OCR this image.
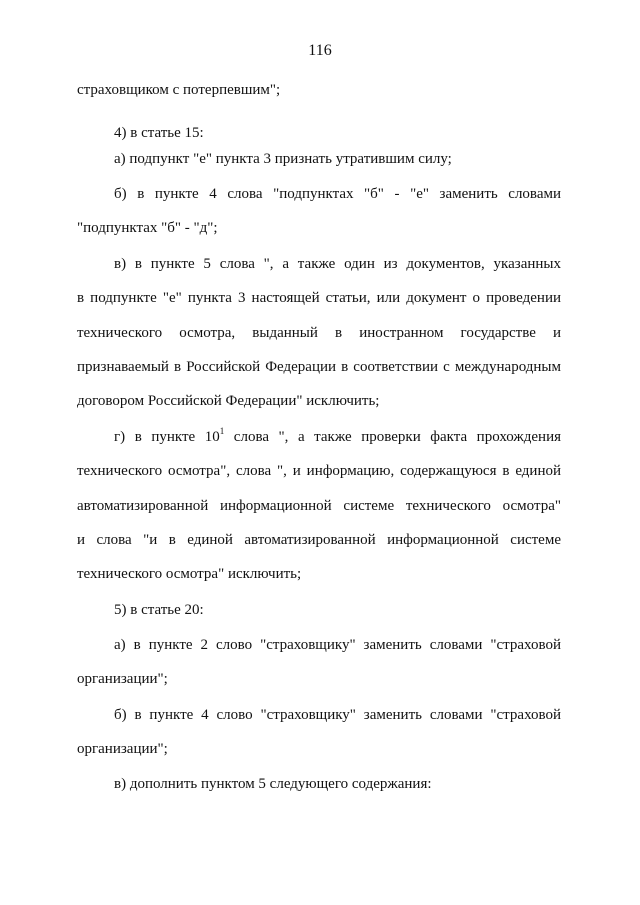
116
страховщиком с потерпевшим";
4) в статье 15:
а) подпункт "е" пункта 3 признать утратившим силу;
б) в пункте 4 слова "подпунктах "б" - "е" заменить словами
"подпунктах "б" - "д";
в) в пункте 5 слова ", а также один из документов, указанных
в подпункте "е" пункта 3 настоящей статьи, или документ о проведении
технического осмотра, выданный в иностранном государстве и
признаваемый в Российской Федерации в соответствии с международным
договором Российской Федерации" исключить;
г) в пункте $10^1$ слова ", а также проверки факта прохождения
технического осмотра", слова ", и информацию, содержащуюся в единой
автоматизированной информационной системе технического осмотра"
и слова "и в единой автоматизированной информационной системе
технического осмотра" исключить;
5) в статье 20:
а) в пункте 2 слово "страховщику" заменить словами "страховой
организации";
б) в пункте 4 слово "страховщику" заменить словами "страховой
организации";
в) дополнить пунктом 5 следующего содержания:
